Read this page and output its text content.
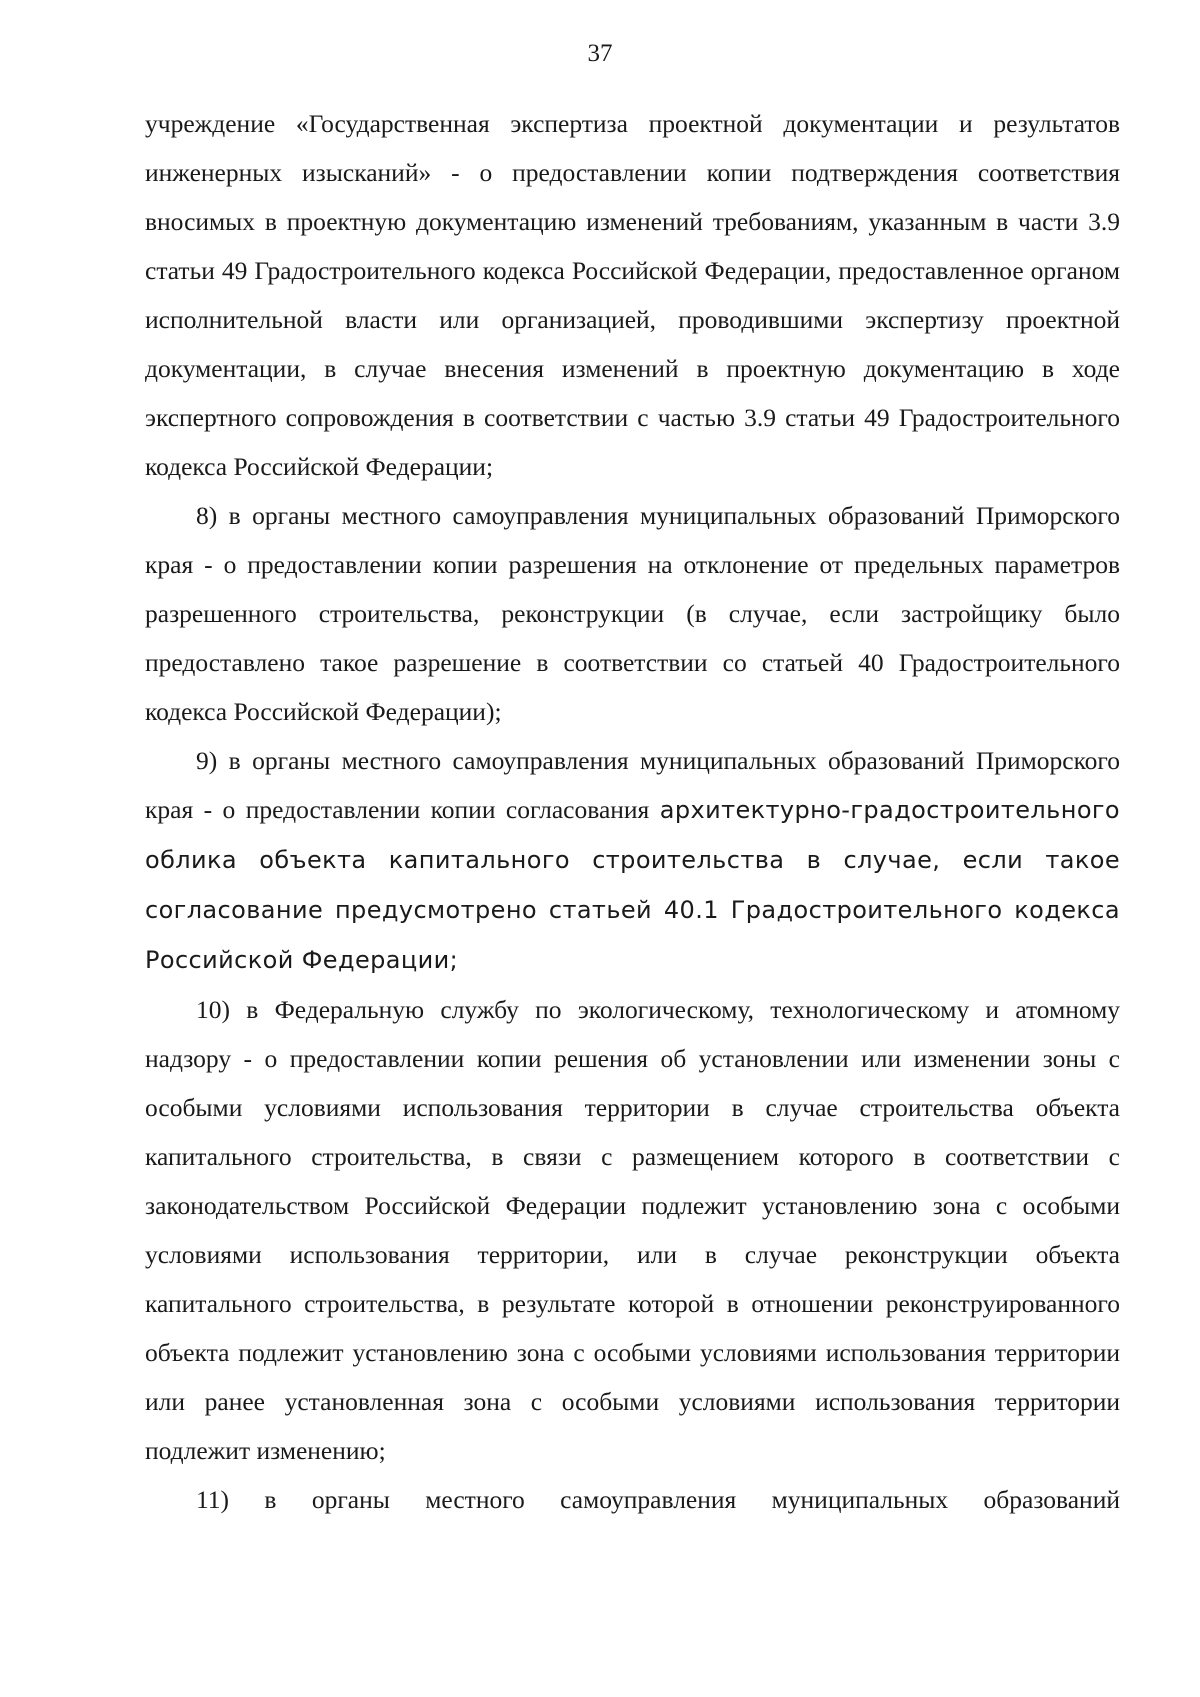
37

учреждение «Государственная экспертиза проектной документации и результатов инженерных изысканий» - о предоставлении копии подтверждения соответствия вносимых в проектную документацию изменений требованиям, указанным в части 3.9 статьи 49 Градостроительного кодекса Российской Федерации, предоставленное органом исполнительной власти или организацией, проводившими экспертизу проектной документации, в случае внесения изменений в проектную документацию в ходе экспертного сопровождения в соответствии с частью 3.9 статьи 49 Градостроительного кодекса Российской Федерации;

8) в органы местного самоуправления муниципальных образований Приморского края - о предоставлении копии разрешения на отклонение от предельных параметров разрешенного строительства, реконструкции (в случае, если застройщику было предоставлено такое разрешение в соответствии со статьей 40 Градостроительного кодекса Российской Федерации);

9) в органы местного самоуправления муниципальных образований Приморского края - о предоставлении копии согласования архитектурно-градостроительного облика объекта капитального строительства в случае, если такое согласование предусмотрено статьей 40.1 Градостроительного кодекса Российской Федерации;

10) в Федеральную службу по экологическому, технологическому и атомному надзору - о предоставлении копии решения об установлении или изменении зоны с особыми условиями использования территории в случае строительства объекта капитального строительства, в связи с размещением которого в соответствии с законодательством Российской Федерации подлежит установлению зона с особыми условиями использования территории, или в случае реконструкции объекта капитального строительства, в результате которой в отношении реконструированного объекта подлежит установлению зона с особыми условиями использования территории или ранее установленная зона с особыми условиями использования территории подлежит изменению;

11) в органы местного самоуправления муниципальных образований
